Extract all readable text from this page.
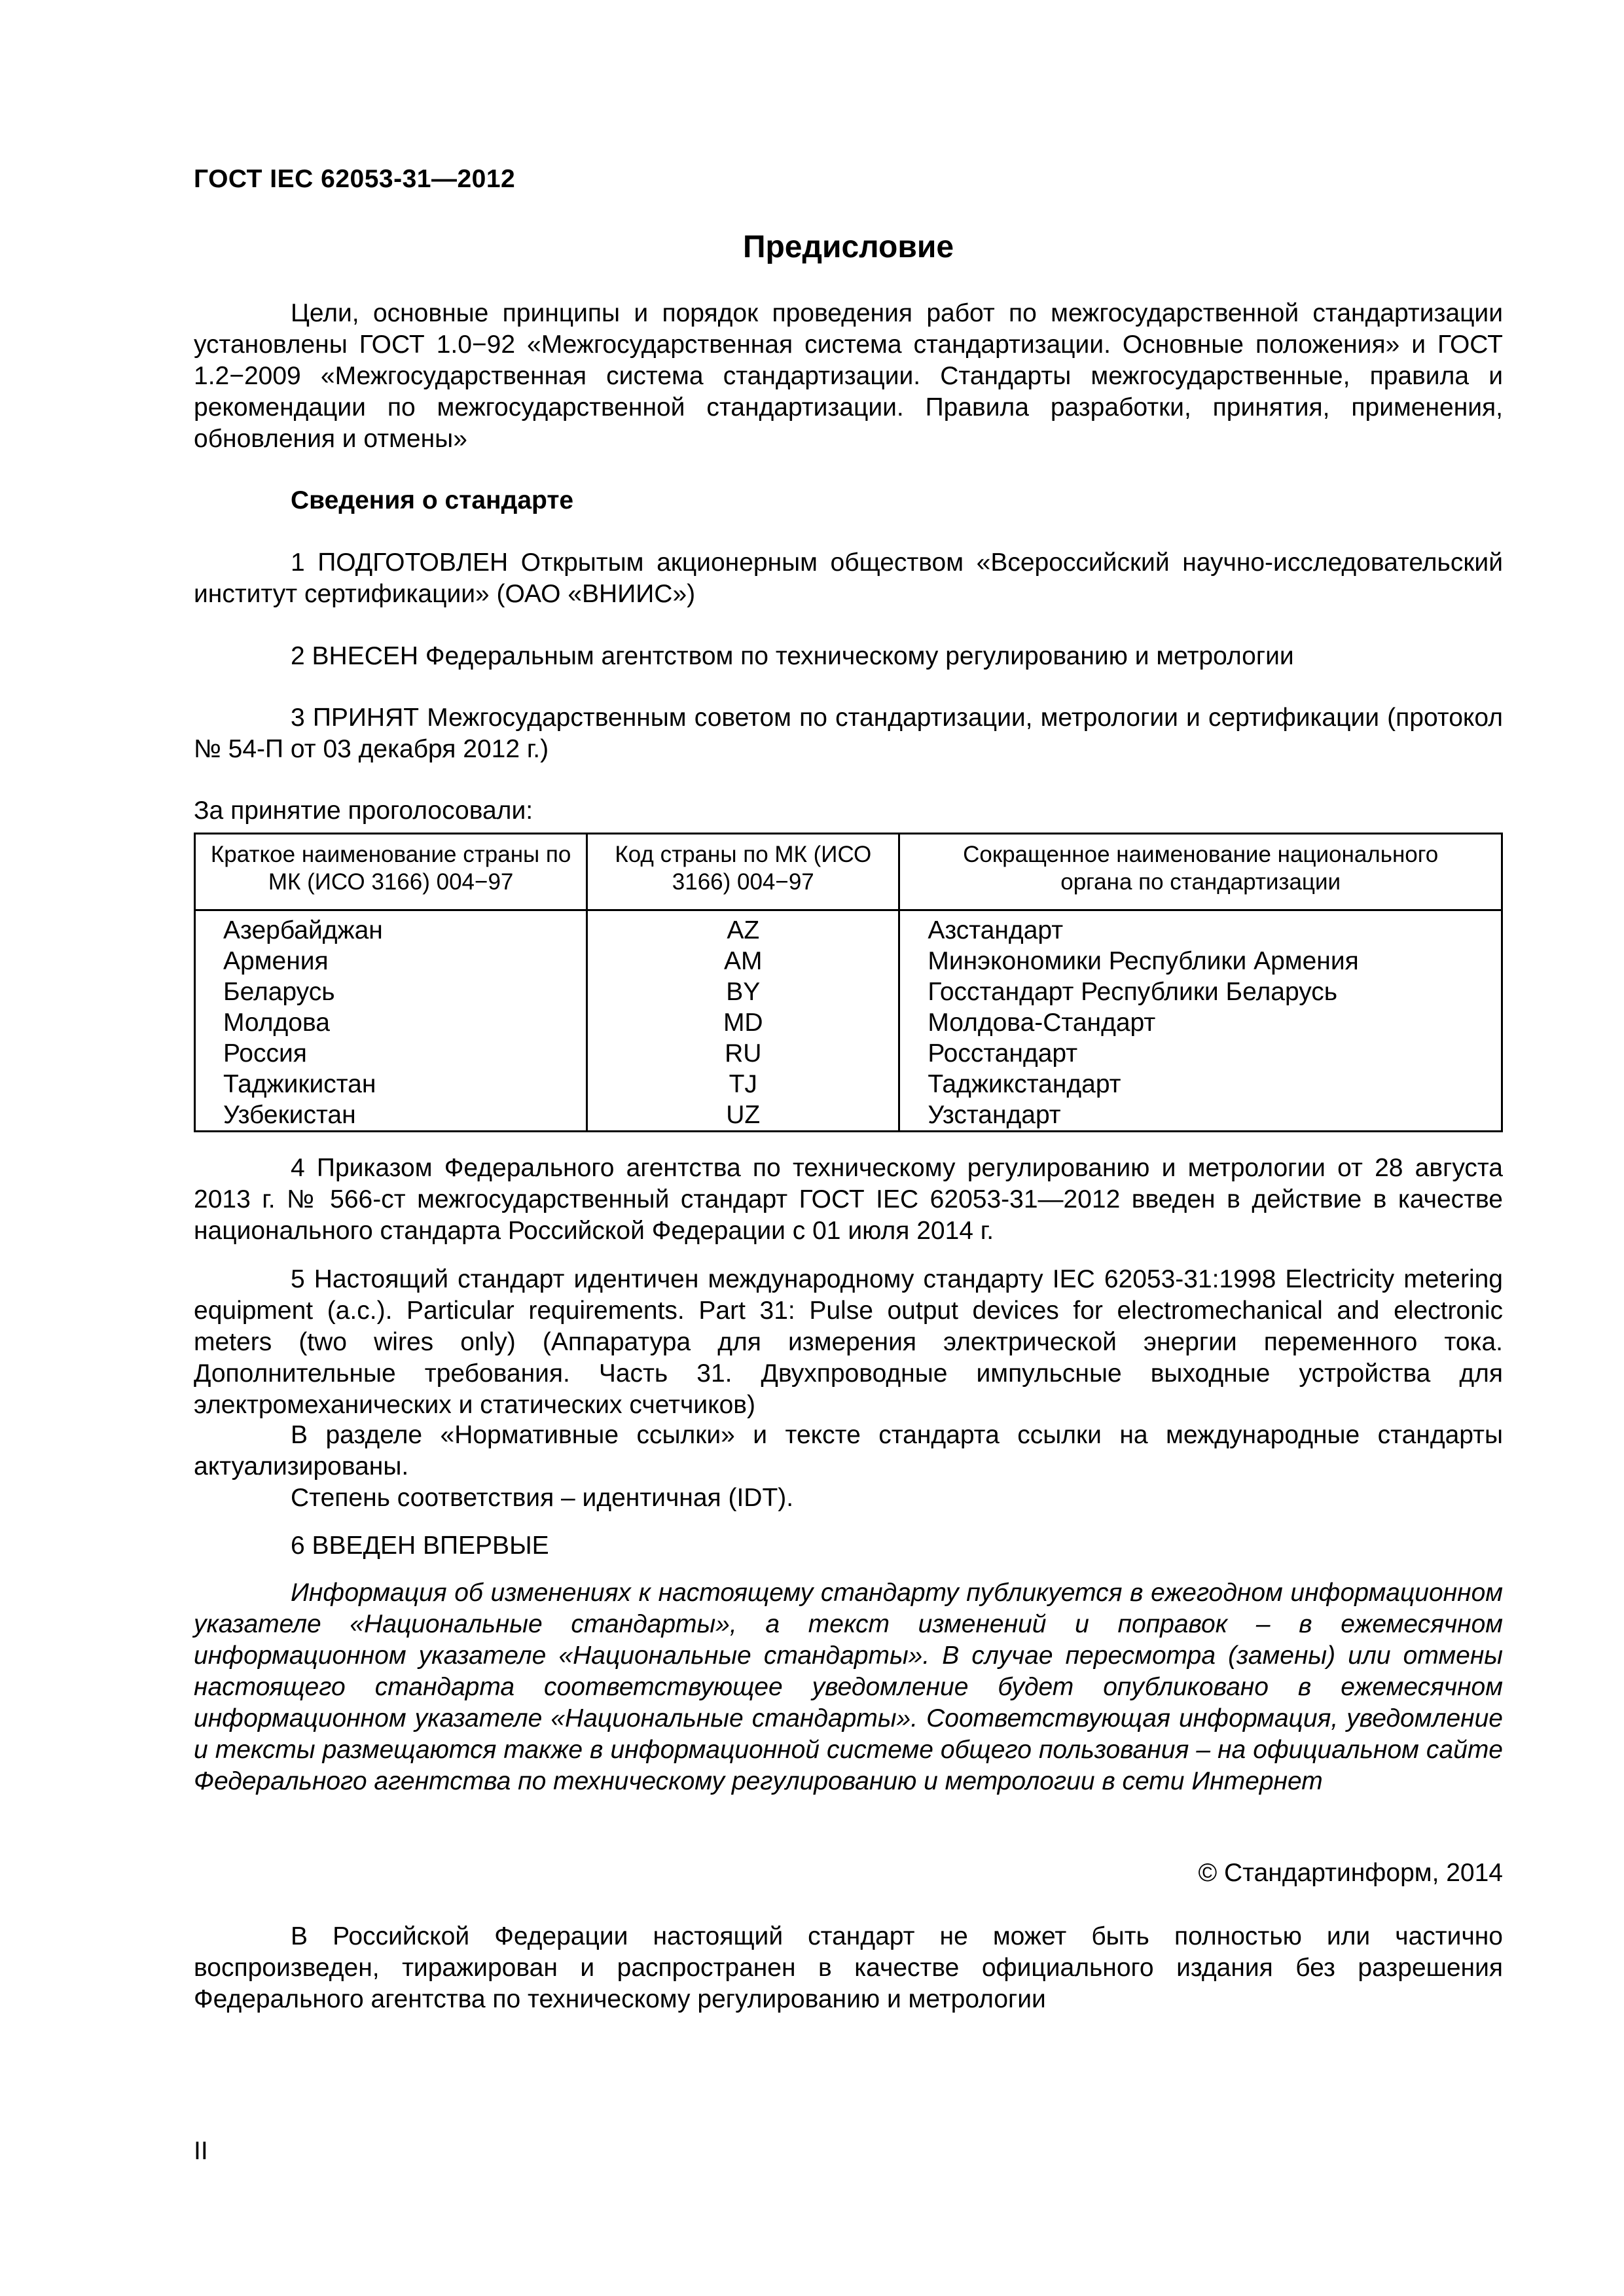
ГОСТ IEC 62053-31—2012
Предисловие
Цели, основные принципы и порядок проведения работ по межгосударственной стандартизации установлены ГОСТ 1.0−92 «Межгосударственная система стандартизации. Основные положения» и ГОСТ 1.2−2009 «Межгосударственная система стандартизации. Стандарты межгосударственные, правила и рекомендации по межгосударственной стандартизации. Правила разработки, принятия, применения, обновления и отмены»
Сведения о стандарте
1 ПОДГОТОВЛЕН Открытым акционерным обществом «Всероссийский научно-исследовательский институт сертификации» (ОАО «ВНИИС»)
2 ВНЕСЕН Федеральным агентством по техническому регулированию и метрологии
3 ПРИНЯТ Межгосударственным советом по стандартизации, метрологии и сертификации (протокол № 54-П от 03 декабря 2012 г.)
За принятие проголосовали:
Краткое наименование страны по МК (ИСО 3166) 004−97	Код страны по МК (ИСО 3166) 004−97	Сокращенное наименование национального органа по стандартизации

Азербайджан	AZ	Азстандарт
Армения	AM	Минэкономики Республики Армения
Беларусь	BY	Госстандарт Республики Беларусь
Молдова	MD	Молдова-Стандарт
Россия	RU	Росстандарт
Таджикистан	TJ	Таджикстандарт
Узбекистан	UZ	Узстандарт
4 Приказом Федерального агентства по техническому регулированию и метрологии от 28 августа 2013 г. № 566-ст межгосударственный стандарт ГОСТ IEC 62053-31—2012 введен в действие в качестве национального стандарта Российской Федерации с 01 июля 2014 г.
5 Настоящий стандарт идентичен международному стандарту IEC 62053-31:1998 Electricity metering equipment (a.c.). Particular requirements. Part 31: Pulse output devices for electromechanical and electronic meters (two wires only) (Аппаратура для измерения электрической энергии переменного тока. Дополнительные требования. Часть 31. Двухпроводные импульсные выходные устройства для электромеханических и статических счетчиков)
В разделе «Нормативные ссылки» и тексте стандарта ссылки на международные стандарты актуализированы.
Степень соответствия – идентичная (IDT).
6 ВВЕДЕН ВПЕРВЫЕ
Информация об изменениях к настоящему стандарту публикуется в ежегодном информационном указателе «Национальные стандарты», а текст изменений и поправок – в ежемесячном информационном указателе «Национальные стандарты». В случае пересмотра (замены) или отмены настоящего стандарта соответствующее уведомление будет опубликовано в ежемесячном информационном указателе «Национальные стандарты». Соответствующая информация, уведомление и тексты размещаются также в информационной системе общего пользования – на официальном сайте Федерального агентства по техническому регулированию и метрологии в сети Интернет
© Стандартинформ, 2014
В Российской Федерации настоящий стандарт не может быть полностью или частично воспроизведен, тиражирован и распространен в качестве официального издания без разрешения Федерального агентства по техническому регулированию и метрологии
II
